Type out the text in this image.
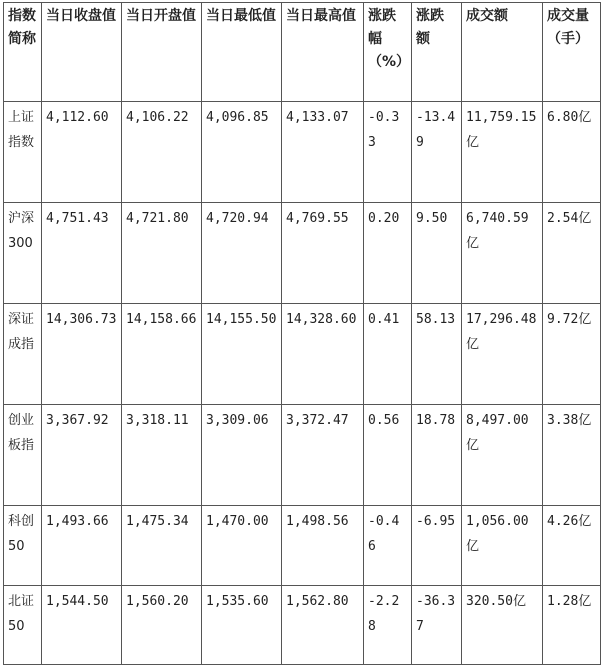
指数简称	当日收盘值	当日开盘值	当日最低值	当日最高值	涨跌幅（%）	涨跌额	成交额	成交量（手）
上证指数	4,112.60	4,106.22	4,096.85	4,133.07	-0.33	-13.49	11,759.15亿	6.80亿
沪深300	4,751.43	4,721.80	4,720.94	4,769.55	0.20	9.50	6,740.59亿	2.54亿
深证成指	14,306.73	14,158.66	14,155.50	14,328.60	0.41	58.13	17,296.48亿	9.72亿
创业板指	3,367.92	3,318.11	3,309.06	3,372.47	0.56	18.78	8,497.00亿	3.38亿
科创50	1,493.66	1,475.34	1,470.00	1,498.56	-0.46	-6.95	1,056.00亿	4.26亿
北证50	1,544.50	1,560.20	1,535.60	1,562.80	-2.28	-36.37	320.50亿	1.28亿
